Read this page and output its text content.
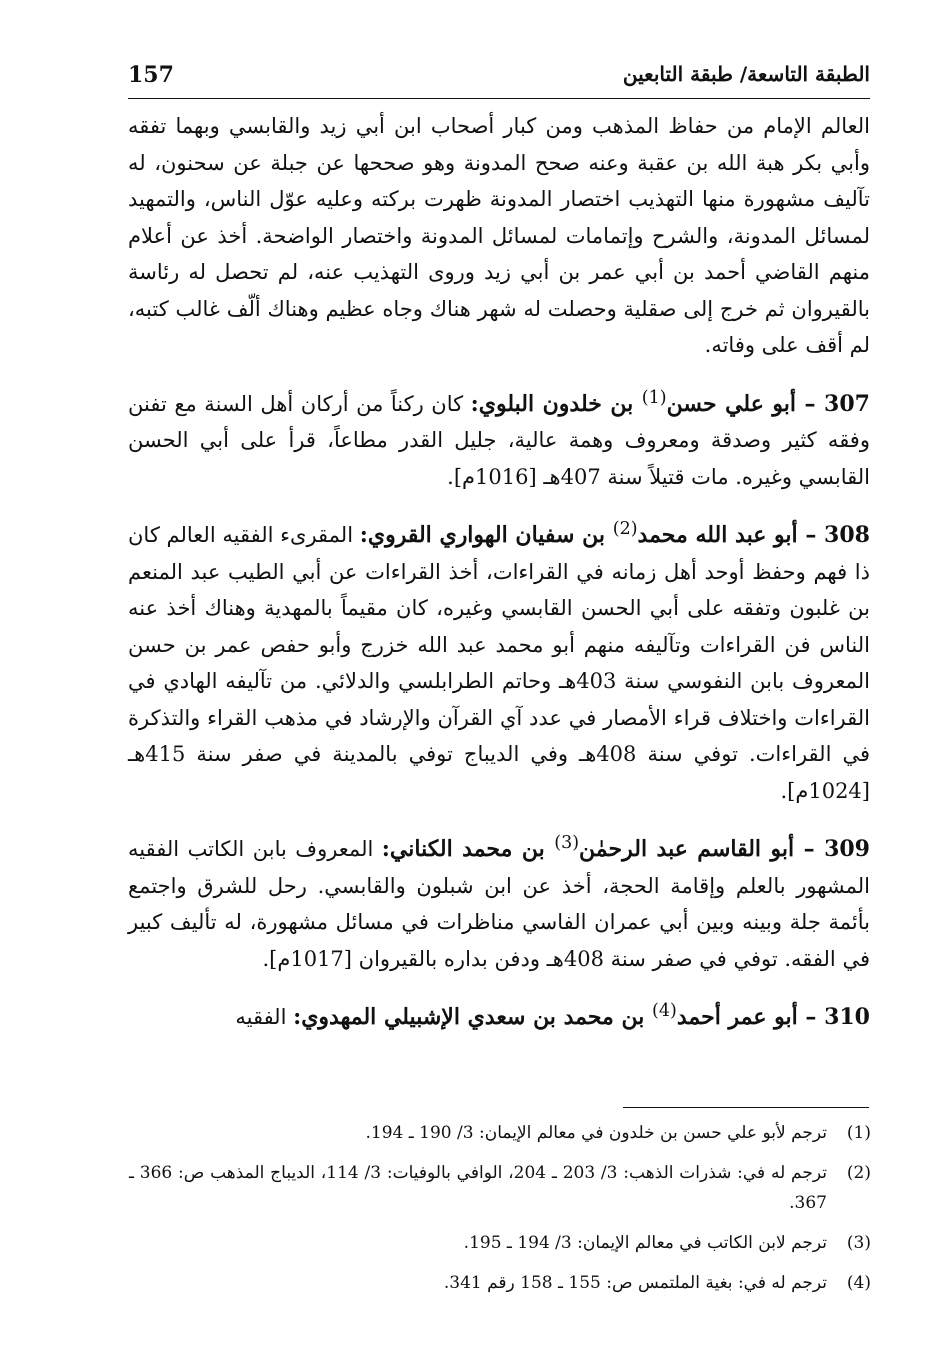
الطبقة التاسعة/ طبقة التابعين
157

العالم الإمام من حفاظ المذهب ومن كبار أصحاب ابن أبي زيد والقابسي وبهما تفقه وأبي بكر هبة الله بن عقبة وعنه صحح المدونة وهو صححها عن جبلة عن سحنون، له تآليف مشهورة منها التهذيب اختصار المدونة ظهرت بركته وعليه عوّل الناس، والتمهيد لمسائل المدونة، والشرح وإتمامات لمسائل المدونة واختصار الواضحة. أخذ عن أعلام منهم القاضي أحمد بن أبي عمر بن أبي زيد وروى التهذيب عنه، لم تحصل له رئاسة بالقيروان ثم خرج إلى صقلية وحصلت له شهر هناك وجاه عظيم وهناك ألّف غالب كتبه، لم أقف على وفاته.

307 – أبو علي حسن$^{(1)}$ بن خلدون البلوي: كان ركناً من أركان أهل السنة مع تفنن وفقه كثير وصدقة ومعروف وهمة عالية، جليل القدر مطاعاً، قرأ على أبي الحسن القابسي وغيره. مات قتيلاً سنة 407هـ [1016م].

308 – أبو عبد الله محمد$^{(2)}$ بن سفيان الهواري القروي: المقرىء الفقيه العالم كان ذا فهم وحفظ أوحد أهل زمانه في القراءات، أخذ القراءات عن أبي الطيب عبد المنعم بن غلبون وتفقه على أبي الحسن القابسي وغيره، كان مقيماً بالمهدية وهناك أخذ عنه الناس فن القراءات وتآليفه منهم أبو محمد عبد الله خزرج وأبو حفص عمر بن حسن المعروف بابن النفوسي سنة 403هـ وحاتم الطرابلسي والدلائي. من تآليفه الهادي في القراءات واختلاف قراء الأمصار في عدد آي القرآن والإرشاد في مذهب القراء والتذكرة في القراءات. توفي سنة 408هـ وفي الديباج توفي بالمدينة في صفر سنة 415هـ [1024م].

309 – أبو القاسم عبد الرحمٰن$^{(3)}$ بن محمد الكناني: المعروف بابن الكاتب الفقيه المشهور بالعلم وإقامة الحجة، أخذ عن ابن شبلون والقابسي. رحل للشرق واجتمع بأئمة جلة وبينه وبين أبي عمران الفاسي مناظرات في مسائل مشهورة، له تأليف كبير في الفقه. توفي في صفر سنة 408هـ ودفن بداره بالقيروان [1017م].

310 – أبو عمر أحمد$^{(4)}$ بن محمد بن سعدي الإشبيلي المهدوي: الفقيه

(1)
ترجم لأبو علي حسن بن خلدون في معالم الإيمان: 3/ 190 ـ 194.
(2)
ترجم له في: شذرات الذهب: 3/ 203 ـ 204، الوافي بالوفيات: 3/ 114، الديباج المذهب ص: 366 ـ 367.
(3)
ترجم لابن الكاتب في معالم الإيمان: 3/ 194 ـ 195.
(4)
ترجم له في: بغية الملتمس ص: 155 ـ 158 رقم 341.
